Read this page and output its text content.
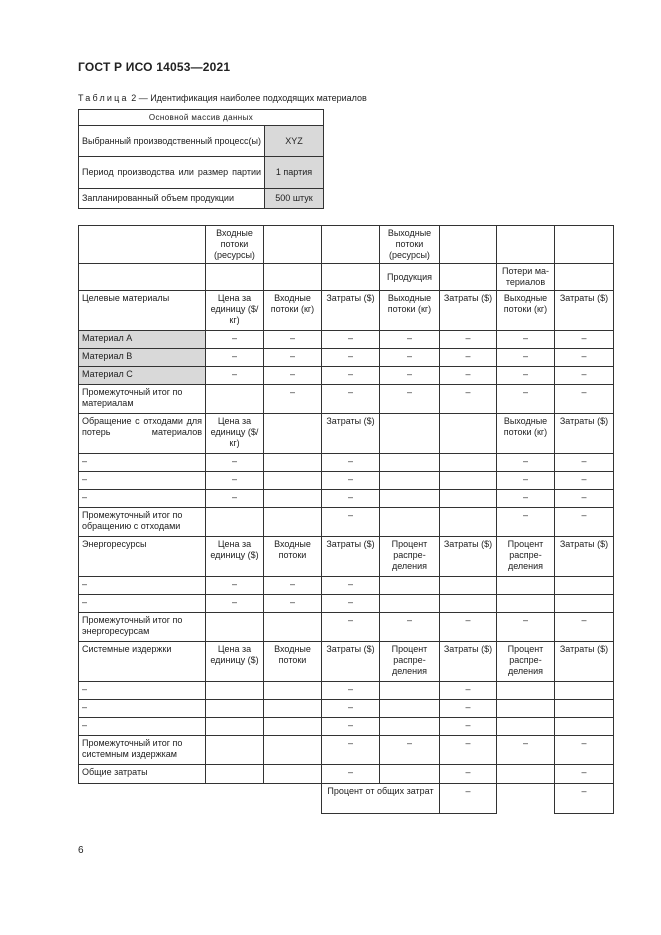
ГОСТ Р ИСО 14053—2021
Таблица 2 — Идентификация наиболее подходящих материалов
Основной массив данных	
Выбранный производственный процесс(ы)	XYZ
Период производства или размер партии	1 партия
Запланированный объем продукции	500 штук
	Входные потоки (ресурсы)			Выходные потоки (ресурсы)			
				Продукция		Потери ма-териалов	
Целевые материалы	Цена за единицу ($/кг)	Входные потоки (кг)	Затраты ($)	Выходные потоки (кг)	Затраты ($)	Выходные потоки (кг)	Затраты ($)
Материал А	–	–	–	–	–	–	–
Материал В	–	–	–	–	–	–	–
Материал С	–	–	–	–	–	–	–
Промежуточный итог по материалам		–	–	–	–	–	–
Обращение с отходами для потерь материалов	Цена за единицу ($/кг)		Затраты ($)			Выходные потоки (кг)	Затраты ($)
–	–		–			–	–
–	–		–			–	–
–	–		–			–	–
Промежуточный итог по обращению с отходами			–			–	–
Энергоресурсы	Цена за единицу ($)	Входные потоки	Затраты ($)	Процент распре-деления	Затраты ($)	Процент распре-деления	Затраты ($)
–	–	–	–				
–	–	–	–				
Промежуточный итог по энергоресурсам			–	–	–	–	–
Системные издержки	Цена за единицу ($)	Входные потоки	Затраты ($)	Процент распре-деления	Затраты ($)	Процент распре-деления	Затраты ($)
–			–		–		
–			–		–		
–			–		–		
Промежуточный итог по системным издержкам			–	–	–	–	–
Общие затраты			–		–		–
			Процент от общих затрат		–		–
6
